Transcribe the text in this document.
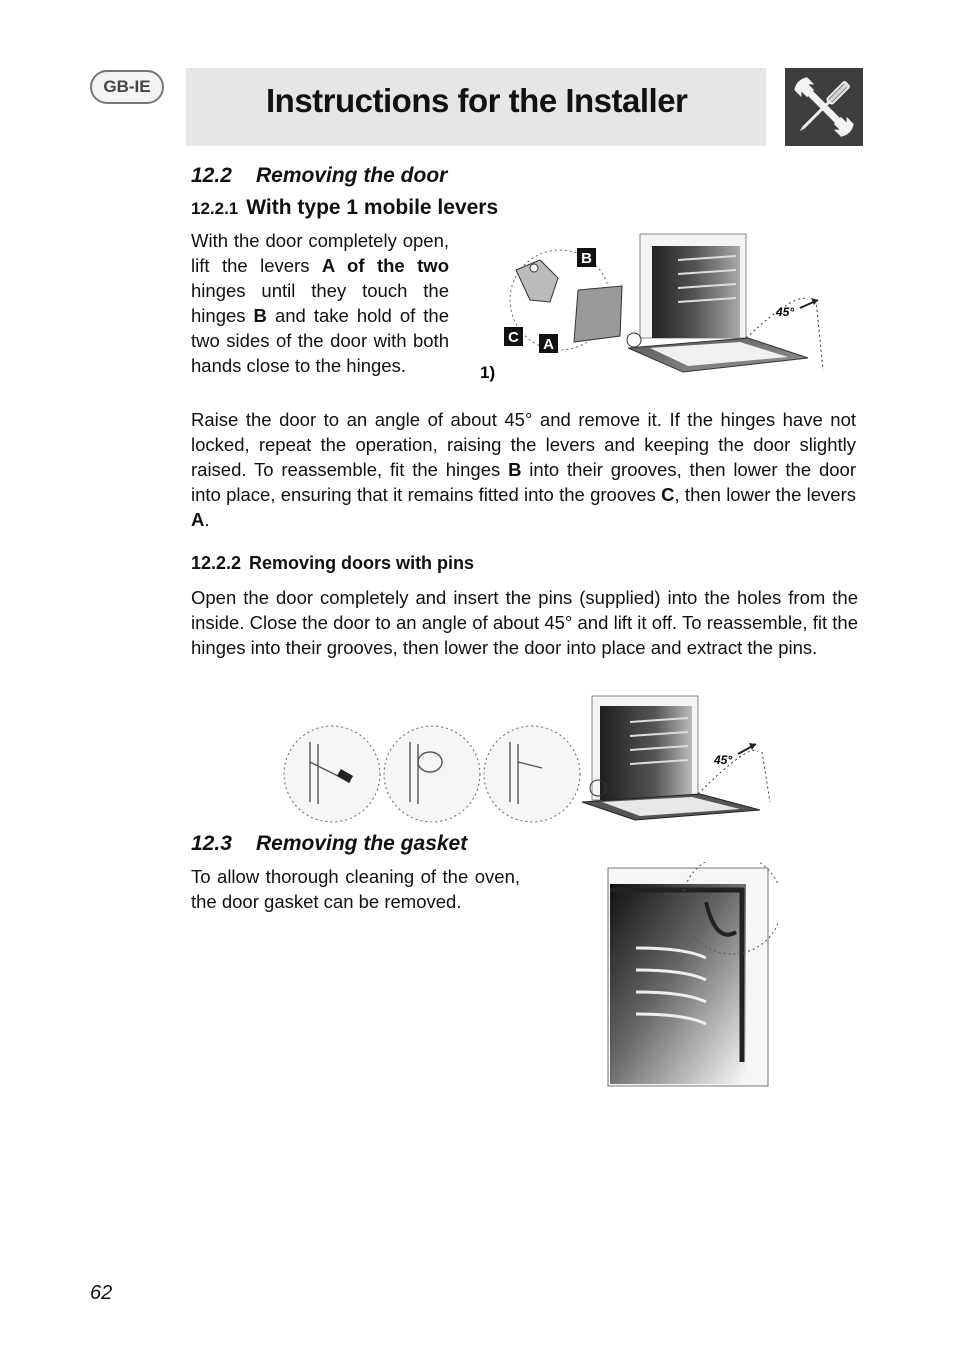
GB-IE	Instructions for the Installer
12.2 Removing the door
12.2.1 With type 1 mobile levers

With the door completely open, lift the levers A of the two hinges until they touch the hinges B and take hold of the two sides of the door with both hands close to the hinges.

45°
B
C A
1)

Raise the door to an angle of about 45° and remove it. If the hinges have not locked, repeat the operation, raising the levers and keeping the door slightly raised. To reassemble, fit the hinges B into their grooves, then lower the door into place, ensuring that it remains fitted into the grooves C, then lower the levers A.

12.2.2 Removing doors with pins

Open the door completely and insert the pins (supplied) into the holes from the inside. Close the door to an angle of about 45° and lift it off. To reassemble, fit the hinges into their grooves, then lower the door into place and extract the pins.

45°
12.3 Removing the gasket

To allow thorough cleaning of the oven, the door gasket can be removed.

62
